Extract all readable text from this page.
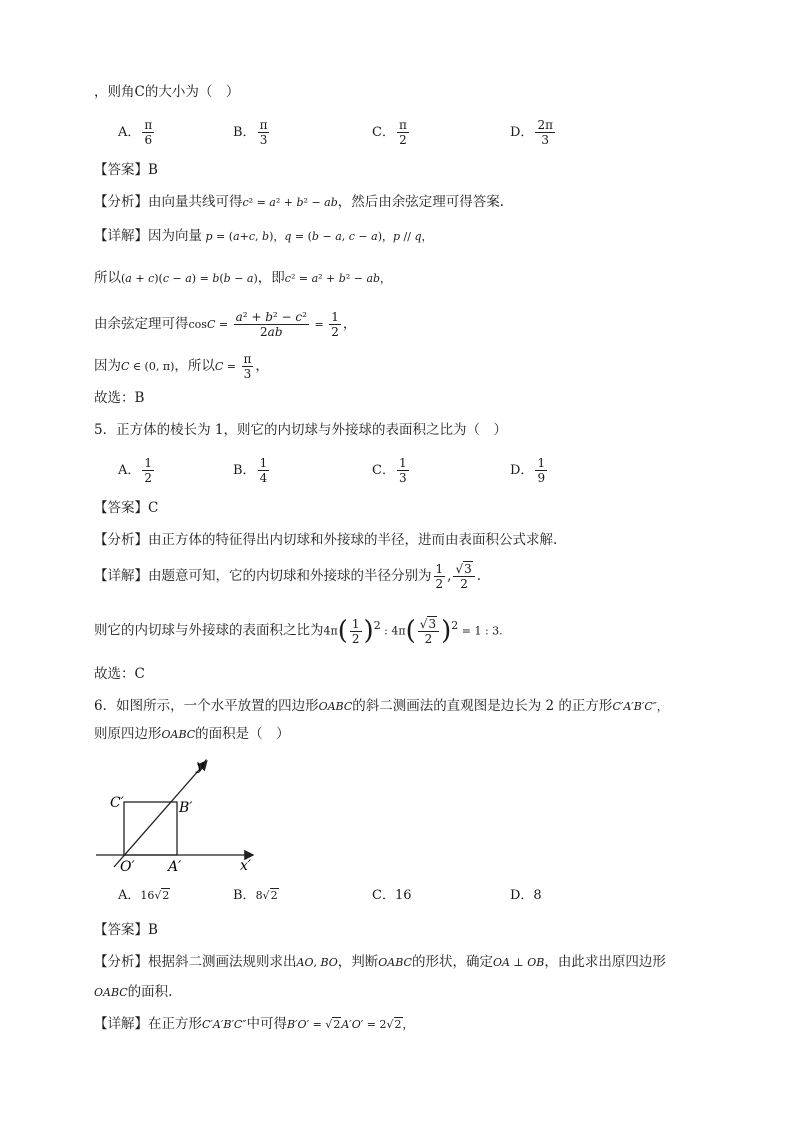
，则角C的大小为（　）
A． $\frac{\pi}{6}$	B． $\frac{\pi}{3}$	C． $\frac{\pi}{2}$	D． $\frac{2\pi}{3}$
【答案】B
【分析】由向量共线可得c² = a² + b² − ab，然后由余弦定理可得答案.
【详解】因为向量 p = (a+c, b)，q = (b − a, c − a)，p // q，
所以(a + c)(c − a) = b(b − a)，即c² = a² + b² − ab，
由余弦定理可得$\cos C = \frac{\text{a² + b² − c²}}{2ab} = \frac{1}{2}$ ，
因为C ∈ (0, π)，所以$C = \frac{\pi}{3}$ ，
故选：B
5．正方体的棱长为 1，则它的内切球与外接球的表面积之比为（　）
A． $\frac{1}{2}$	B． $\frac{1}{4}$	C． $\frac{1}{3}$	D． $\frac{1}{9}$
【答案】C
【分析】由正方体的特征得出内切球和外接球的半径，进而由表面积公式求解.
【详解】由题意可知，它的内切球和外接球的半径分别为 $\frac{1}{2}$ , $\frac{√3}{2}$ .
则它的内切球与外接球的表面积之比为$4\pi( \frac{1}{2} )^2$ : $4\pi( \frac{√3}{2} )^2 = 1$ : 3.
故选：C
6．如图所示，一个水平放置的四边形OABC的斜二测画法的直观图是边长为 2 的正方形C′A′B′C″，
则原四边形OABC的面积是（　）
y′
x′
C′	B′
O′ A′
A．16√2	B．8√2	C．16	D．8
【答案】B
【分析】根据斜二测画法规则求出AO, BO，判断OABC的形状，确定OA ⊥ OB，由此求出原四边形
OABC的面积.
【详解】在正方形C′A′B′C″中可得B′O′ = √2A′O′ = 2√2，
